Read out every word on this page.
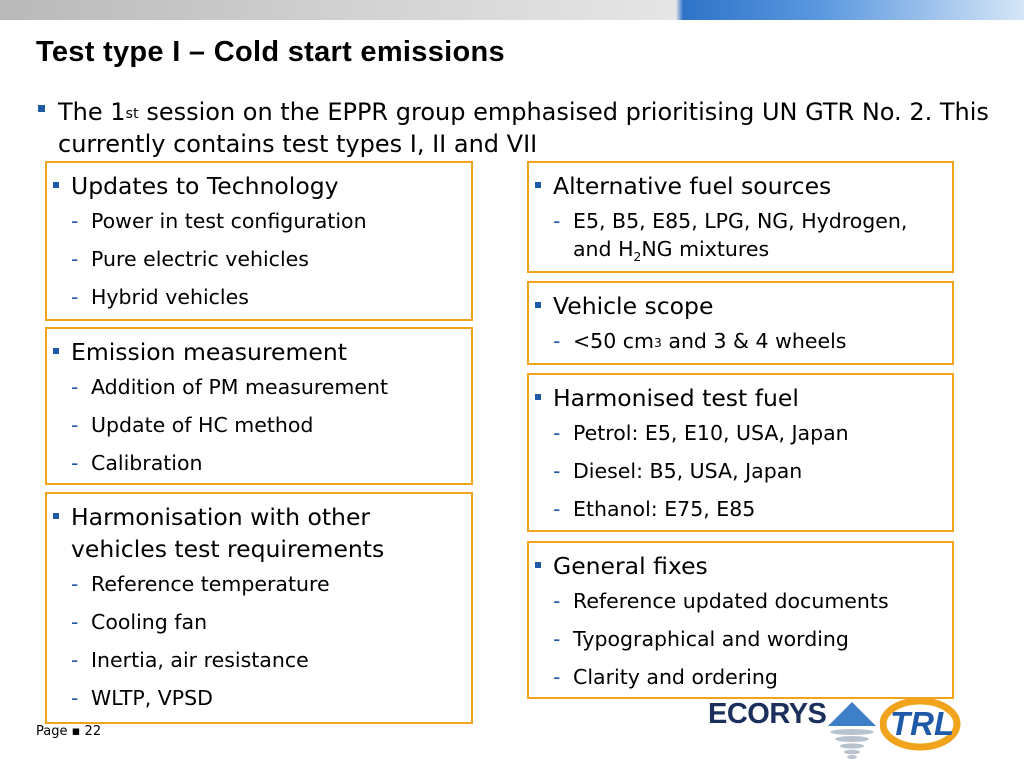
Test type I – Cold start emissions
The 1st session on the EPPR group emphasised prioritising UN GTR No. 2. This currently contains test types I, II and VII
Updates to Technology
- Power in test configuration
- Pure electric vehicles
- Hybrid vehicles
Emission measurement
- Addition of PM measurement
- Update of HC method
- Calibration
Harmonisation with other vehicles test requirements
- Reference temperature
- Cooling fan
- Inertia, air resistance
- WLTP, VPSD
Alternative fuel sources
- E5, B5, E85, LPG, NG, Hydrogen, and $H_2NG$ mixtures
Vehicle scope
- <50 $cm^3$ and 3 & 4 wheels
Harmonised test fuel
- Petrol: E5, E10, USA, Japan
- Diesel: B5, USA, Japan
- Ethanol: E75, E85
General fixes
- Reference updated documents
- Typographical and wording
- Clarity and ordering
Page ▪ 22
ECORYS TRL
